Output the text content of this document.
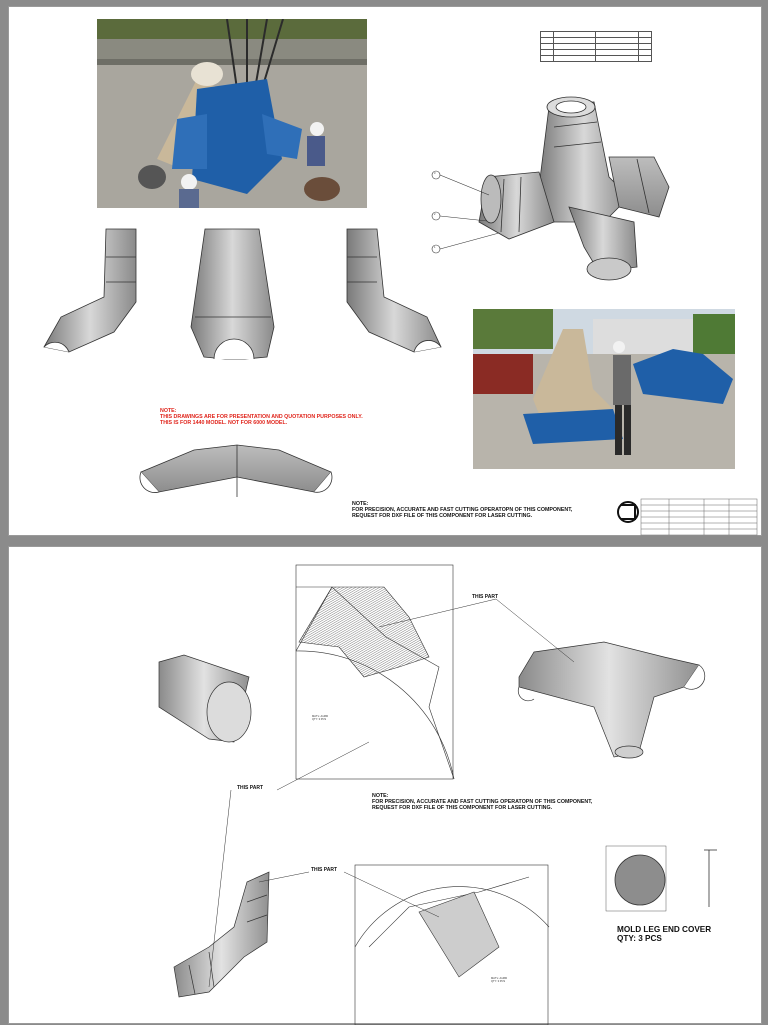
3
2
1
NOTE:
THIS DRAWINGS ARE FOR PRESENTATION AND QUOTATION PURPOSES ONLY.
THIS IS FOR 1440 MODEL. NOT FOR 6000 MODEL.
NOTE:
FOR PRECISION, ACCURATE AND FAST CUTTING OPERATOPN OF THIS COMPONENT,
REQUEST FOR DXF FILE OF THIS COMPONENT FOR LASER CUTTING.
THIS PART
THIS PART
THIS PART
NOTE:
FOR PRECISION, ACCURATE AND FAST CUTTING OPERATOPN OF THIS COMPONENT,
REQUEST FOR DXF FILE OF THIS COMPONENT FOR LASER CUTTING.
MAT'L: A1480
QTY: 3 PCS
MAT'L: A1480
QTY: 3 PCS
MOLD LEG END COVER
QTY: 3 PCS
